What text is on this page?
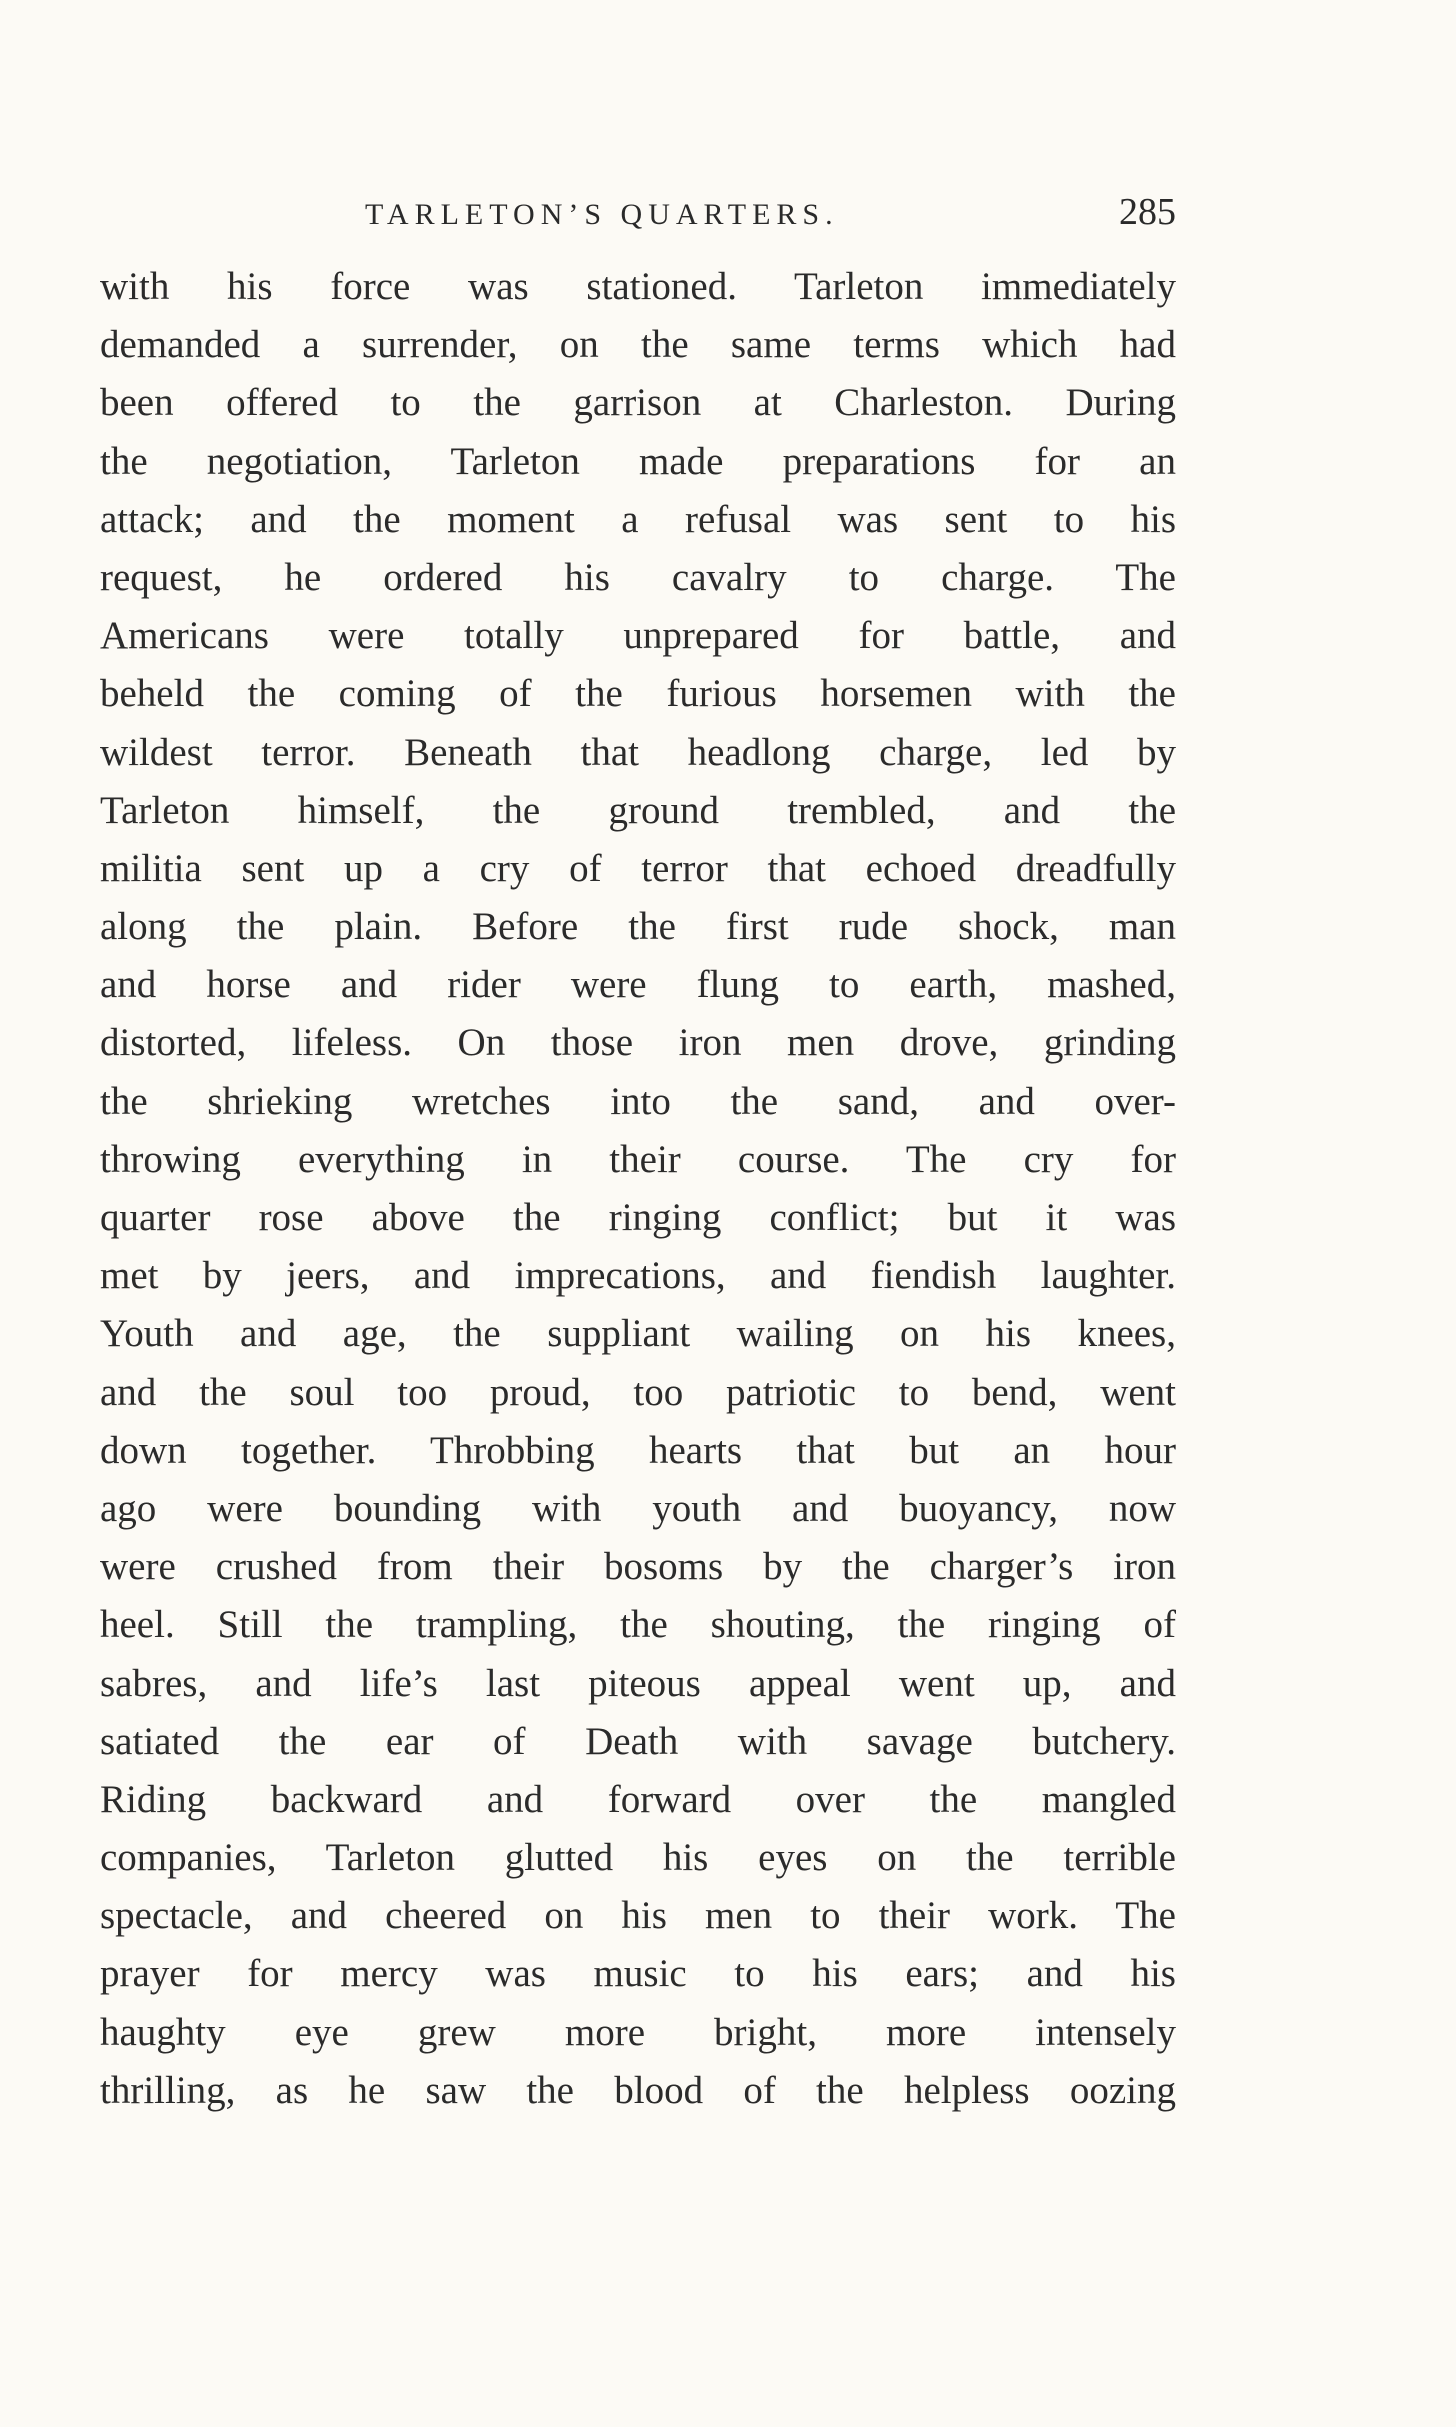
TARLETON’S QUARTERS.	285
with his force was stationed. Tarleton immediately
demanded a surrender, on the same terms which had
been offered to the garrison at Charleston. During
the negotiation, Tarleton made preparations for an
attack; and the moment a refusal was sent to his
request, he ordered his cavalry to charge. The
Americans were totally unprepared for battle, and
beheld the coming of the furious horsemen with the
wildest terror. Beneath that headlong charge, led by
Tarleton himself, the ground trembled, and the
militia sent up a cry of terror that echoed dreadfully
along the plain. Before the first rude shock, man
and horse and rider were flung to earth, mashed,
distorted, lifeless. On those iron men drove, grinding
the shrieking wretches into the sand, and over-
throwing everything in their course. The cry for
quarter rose above the ringing conflict; but it was
met by jeers, and imprecations, and fiendish laughter.
Youth and age, the suppliant wailing on his knees,
and the soul too proud, too patriotic to bend, went
down together. Throbbing hearts that but an hour
ago were bounding with youth and buoyancy, now
were crushed from their bosoms by the charger’s iron
heel. Still the trampling, the shouting, the ringing of
sabres, and life’s last piteous appeal went up, and
satiated the ear of Death with savage butchery.
Riding backward and forward over the mangled
companies, Tarleton glutted his eyes on the terrible
spectacle, and cheered on his men to their work. The
prayer for mercy was music to his ears; and his
haughty eye grew more bright, more intensely
thrilling, as he saw the blood of the helpless oozing
